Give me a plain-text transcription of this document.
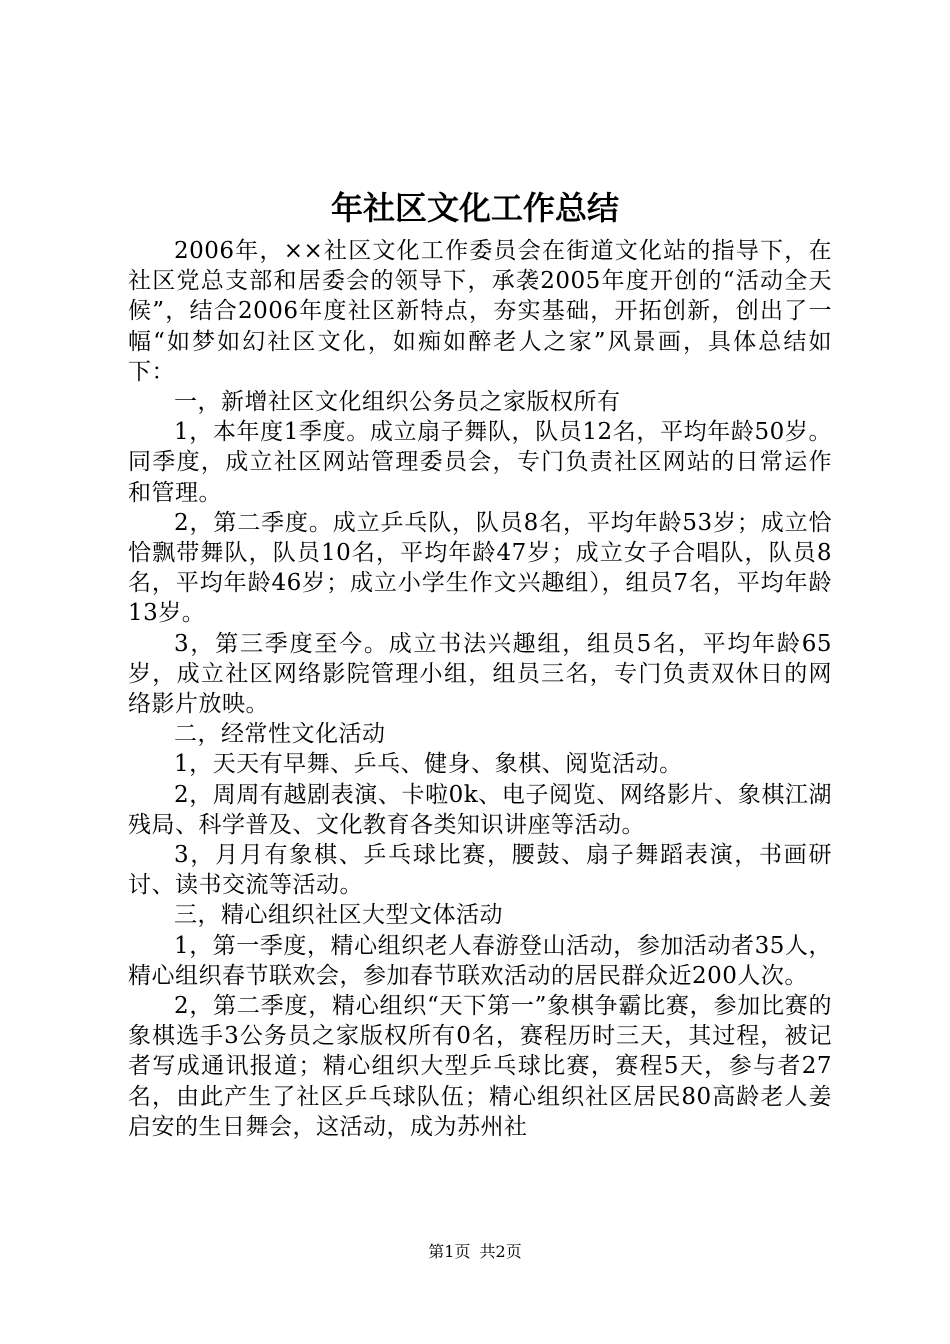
年社区文化工作总结

2006年，××社区文化工作委员会在街道文化站的指导下，在社区党总支部和居委会的领导下，承袭2005年度开创的“活动全天候”，结合2006年度社区新特点，夯实基础，开拓创新，创出了一幅“如梦如幻社区文化，如痴如醉老人之家”风景画，具体总结如下：

一，新增社区文化组织公务员之家版权所有

1，本年度1季度。成立扇子舞队，队员12名，平均年龄50岁。同季度，成立社区网站管理委员会，专门负责社区网站的日常运作和管理。

2，第二季度。成立乒乓队，队员8名，平均年龄53岁；成立恰恰飘带舞队，队员10名，平均年龄47岁；成立女子合唱队，队员8名，平均年龄46岁；成立小学生作文兴趣组），组员7名，平均年龄13岁。

3，第三季度至今。成立书法兴趣组，组员5名，平均年龄65岁，成立社区网络影院管理小组，组员三名，专门负责双休日的网络影片放映。

二，经常性文化活动

1，天天有早舞、乒乓、健身、象棋、阅览活动。

2，周周有越剧表演、卡啦0k、电子阅览、网络影片、象棋江湖残局、科学普及、文化教育各类知识讲座等活动。

3，月月有象棋、乒乓球比赛，腰鼓、扇子舞蹈表演，书画研讨、读书交流等活动。

三，精心组织社区大型文体活动

1，第一季度，精心组织老人春游登山活动，参加活动者35人，精心组织春节联欢会，参加春节联欢活动的居民群众近200人次。

2，第二季度，精心组织“天下第一”象棋争霸比赛，参加比赛的象棋选手3公务员之家版权所有0名，赛程历时三天，其过程，被记者写成通讯报道；精心组织大型乒乓球比赛，赛程5天，参与者27名，由此产生了社区乒乓球队伍；精心组织社区居民80高龄老人姜启安的生日舞会，这活动，成为苏州社

第1页 共2页
